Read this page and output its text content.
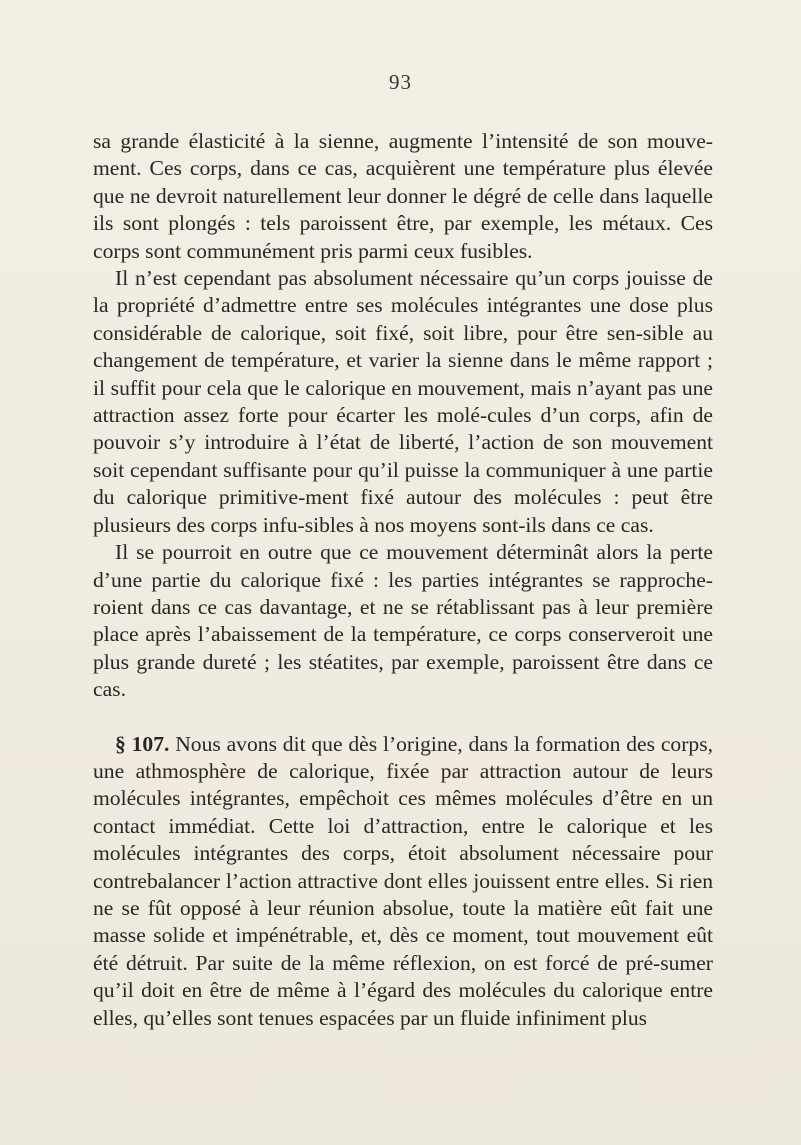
93

sa grande élasticité à la sienne, augmente l’intensité de son mouve-ment. Ces corps, dans ce cas, acquièrent une température plus élevée que ne devroit naturellement leur donner le dégré de celle dans laquelle ils sont plongés : tels paroissent être, par exemple, les métaux. Ces corps sont communément pris parmi ceux fusibles.

Il n’est cependant pas absolument nécessaire qu’un corps jouisse de la propriété d’admettre entre ses molécules intégrantes une dose plus considérable de calorique, soit fixé, soit libre, pour être sen-sible au changement de température, et varier la sienne dans le même rapport ; il suffit pour cela que le calorique en mouvement, mais n’ayant pas une attraction assez forte pour écarter les molé-cules d’un corps, afin de pouvoir s’y introduire à l’état de liberté, l’action de son mouvement soit cependant suffisante pour qu’il puisse la communiquer à une partie du calorique primitive-ment fixé autour des molécules : peut être plusieurs des corps infu-sibles à nos moyens sont-ils dans ce cas.

Il se pourroit en outre que ce mouvement déterminât alors la perte d’une partie du calorique fixé : les parties intégrantes se rapproche-roient dans ce cas davantage, et ne se rétablissant pas à leur première place après l’abaissement de la température, ce corps conserveroit une plus grande dureté ; les stéatites, par exemple, paroissent être dans ce cas.

§ 107. Nous avons dit que dès l’origine, dans la formation des corps, une athmosphère de calorique, fixée par attraction autour de leurs molécules intégrantes, empêchoit ces mêmes molécules d’être en un contact immédiat. Cette loi d’attraction, entre le calorique et les molécules intégrantes des corps, étoit absolument nécessaire pour contrebalancer l’action attractive dont elles jouissent entre elles. Si rien ne se fût opposé à leur réunion absolue, toute la matière eût fait une masse solide et impénétrable, et, dès ce moment, tout mouvement eût été détruit. Par suite de la même réflexion, on est forcé de pré-sumer qu’il doit en être de même à l’égard des molécules du calorique entre elles, qu’elles sont tenues espacées par un fluide infiniment plus
